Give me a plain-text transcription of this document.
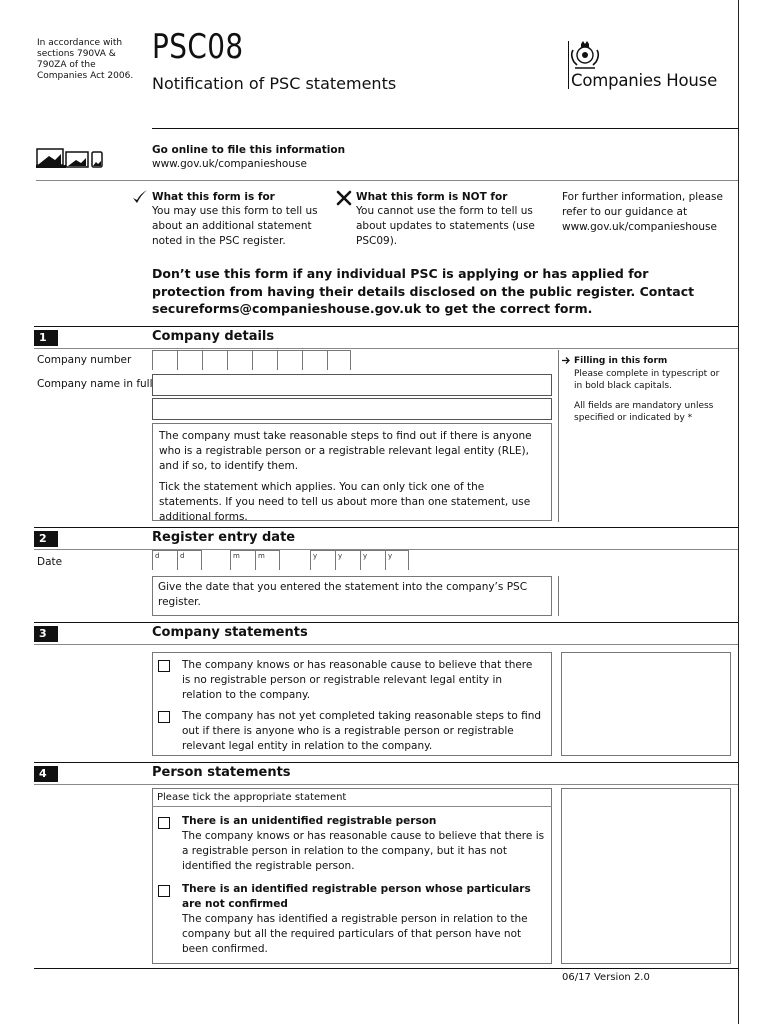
In accordance with sections 790VA & 790ZA of the Companies Act 2006.
PSC08
Notification of PSC statements	Companies House
Go online to file this information
www.gov.uk/companieshouse
What this form is for
You may use this form to tell us about an additional statement noted in the PSC register.
What this form is NOT for
You cannot use the form to tell us about updates to statements (use PSC09).
For further information, please refer to our guidance at www.gov.uk/companieshouse
Don’t use this form if any individual PSC is applying or has applied for protection from having their details disclosed on the public register. Contact secureforms@companieshouse.gov.uk to get the correct form.
1	Company details
Company number
Company name in full
The company must take reasonable steps to find out if there is anyone who is a registrable person or a registrable relevant legal entity (RLE), and if so, to identify them.
Tick the statement which applies. You can only tick one of the statements. If you need to tell us about more than one statement, use additional forms.
Filling in this form
Please complete in typescript or in bold black capitals.
All fields are mandatory unless specified or indicated by *
2	Register entry date
Date	d	d	m	m	y	y	y	y
Give the date that you entered the statement into the company’s PSC register.
3	Company statements
The company knows or has reasonable cause to believe that there is no registrable person or registrable relevant legal entity in relation to the company.
The company has not yet completed taking reasonable steps to find out if there is anyone who is a registrable person or registrable relevant legal entity in relation to the company.
4	Person statements
Please tick the appropriate statement
There is an unidentified registrable person
The company knows or has reasonable cause to believe that there is a registrable person in relation to the company, but it has not identified the registrable person.
There is an identified registrable person whose particulars are not confirmed
The company has identified a registrable person in relation to the company but all the required particulars of that person have not been confirmed.
06/17 Version 2.0
